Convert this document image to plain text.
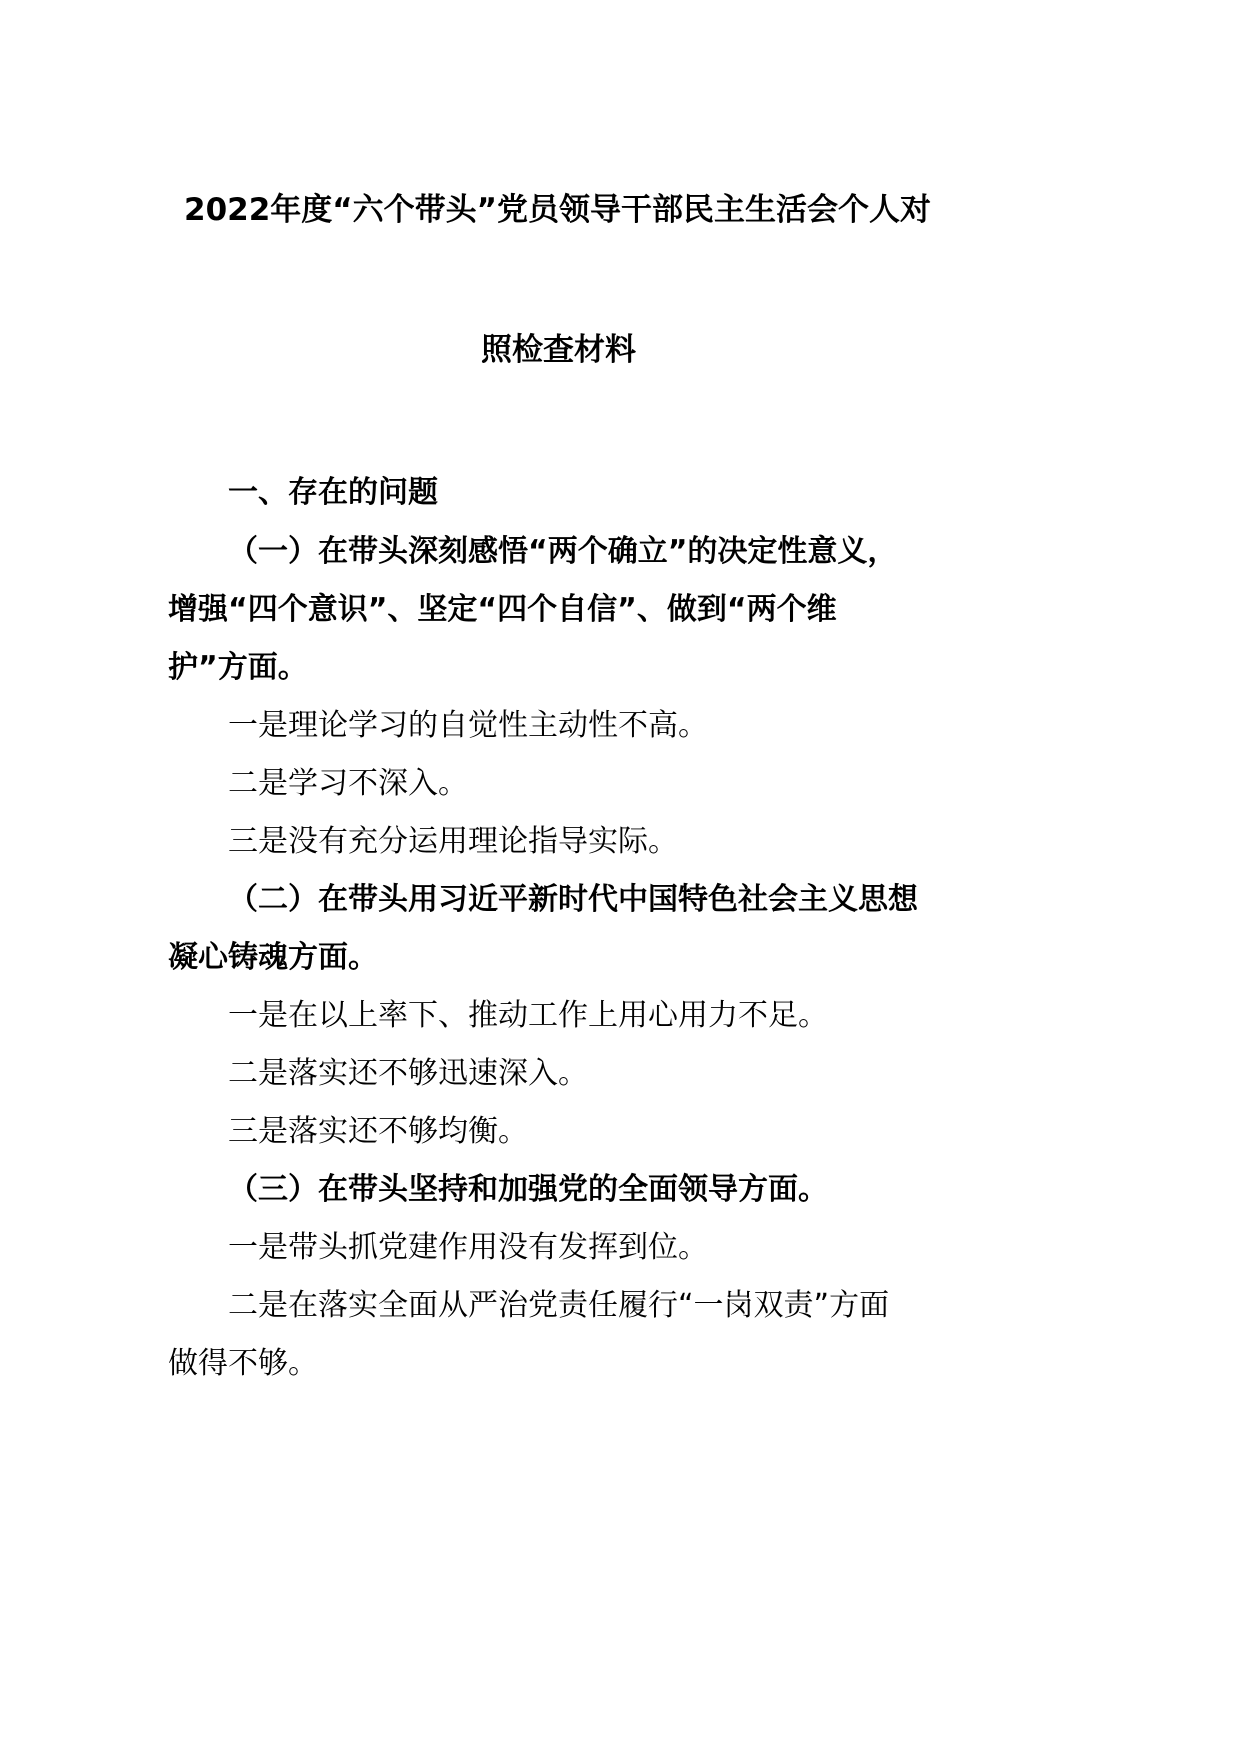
2022年度“六个带头”党员领导干部民主生活会个人对
照检查材料
一、存在的问题
（一）在带头深刻感悟“两个确立”的决定性意义，
增强“四个意识”、坚定“四个自信”、做到“两个维
护”方面。
一是理论学习的自觉性主动性不高。
二是学习不深入。
三是没有充分运用理论指导实际。
（二）在带头用习近平新时代中国特色社会主义思想
凝心铸魂方面。
一是在以上率下、推动工作上用心用力不足。
二是落实还不够迅速深入。
三是落实还不够均衡。
（三）在带头坚持和加强党的全面领导方面。
一是带头抓党建作用没有发挥到位。
二是在落实全面从严治党责任履行“一岗双责”方面
做得不够。
